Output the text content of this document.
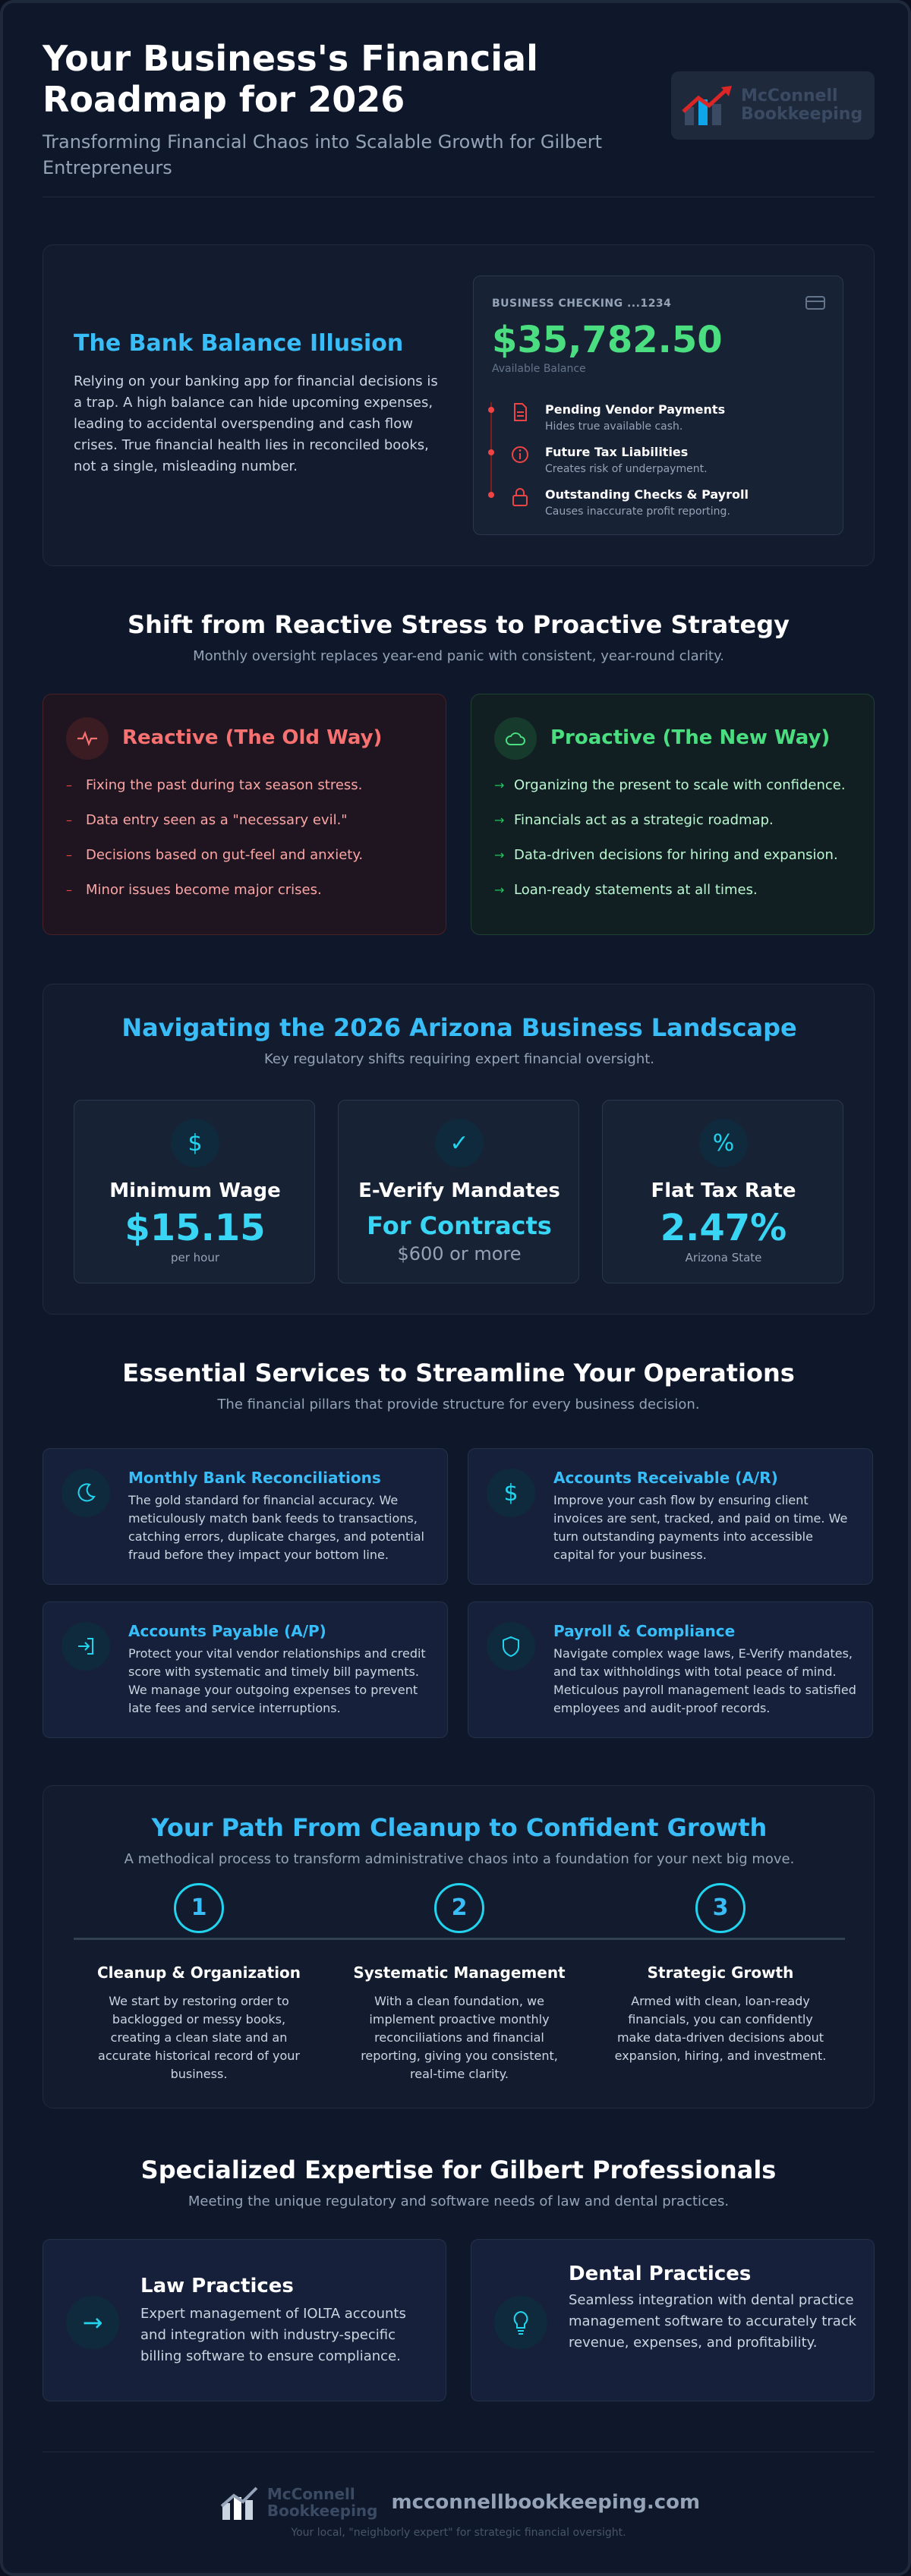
Your Business's Financial Roadmap for 2026
Transforming Financial Chaos into Scalable Growth for Gilbert Entrepreneurs
McConnell
Bookkeeping
The Bank Balance Illusion

Relying on your banking app for financial decisions is a trap. A high balance can hide upcoming expenses, leading to accidental overspending and cash flow crises. True financial health lies in reconciled books, not a single, misleading number.

BUSINESS CHECKING ...1234
$35,782.50
Available Balance
Pending Vendor Payments
Hides true available cash.
Future Tax Liabilities
Creates risk of underpayment.
Outstanding Checks & Payroll
Causes inaccurate profit reporting.
Shift from Reactive Stress to Proactive Strategy
Monthly oversight replaces year-end panic with consistent, year-round clarity.
Reactive (The Old Way)
–	Fixing the past during tax season stress.
–	Data entry seen as a "necessary evil."
–	Decisions based on gut-feel and anxiety.
–	Minor issues become major crises.
Proactive (The New Way)
→ Organizing the present to scale with confidence.
→ Financials act as a strategic roadmap.
→ Data-driven decisions for hiring and expansion.
→ Loan-ready statements at all times.
Navigating the 2026 Arizona Business Landscape
Key regulatory shifts requiring expert financial oversight.
$
Minimum Wage
$15.15
per hour
✓
E-Verify Mandates
For Contracts
$600 or more
%
Flat Tax Rate
2.47%
Arizona State
Essential Services to Streamline Your Operations
The financial pillars that provide structure for every business decision.
Monthly Bank Reconciliations

The gold standard for financial accuracy. We meticulously match bank feeds to transactions, catching errors, duplicate charges, and potential fraud before they impact your bottom line.

$
Accounts Receivable (A/R)

Improve your cash flow by ensuring client invoices are sent, tracked, and paid on time. We turn outstanding payments into accessible capital for your business.

Accounts Payable (A/P)

Protect your vital vendor relationships and credit score with systematic and timely bill payments. We manage your outgoing expenses to prevent late fees and service interruptions.

Payroll & Compliance

Navigate complex wage laws, E-Verify mandates, and tax withholdings with total peace of mind. Meticulous payroll management leads to satisfied employees and audit-proof records.

Your Path From Cleanup to Confident Growth
A methodical process to transform administrative chaos into a foundation for your next big move.
1
Cleanup & Organization

We start by restoring order to backlogged or messy books, creating a clean slate and an accurate historical record of your business.

2
Systematic Management

With a clean foundation, we implement proactive monthly reconciliations and financial reporting, giving you consistent, real-time clarity.

3
Strategic Growth

Armed with clean, loan-ready financials, you can confidently make data-driven decisions about expansion, hiring, and investment.

Specialized Expertise for Gilbert Professionals
Meeting the unique regulatory and software needs of law and dental practices.
→
Law Practices

Expert management of IOLTA accounts and integration with industry-specific billing software to ensure compliance.

Dental Practices

Seamless integration with dental practice management software to accurately track revenue, expenses, and profitability.

McConnell
Bookkeeping mcconnellbookkeeping.com
Your local, "neighborly expert" for strategic financial oversight.
